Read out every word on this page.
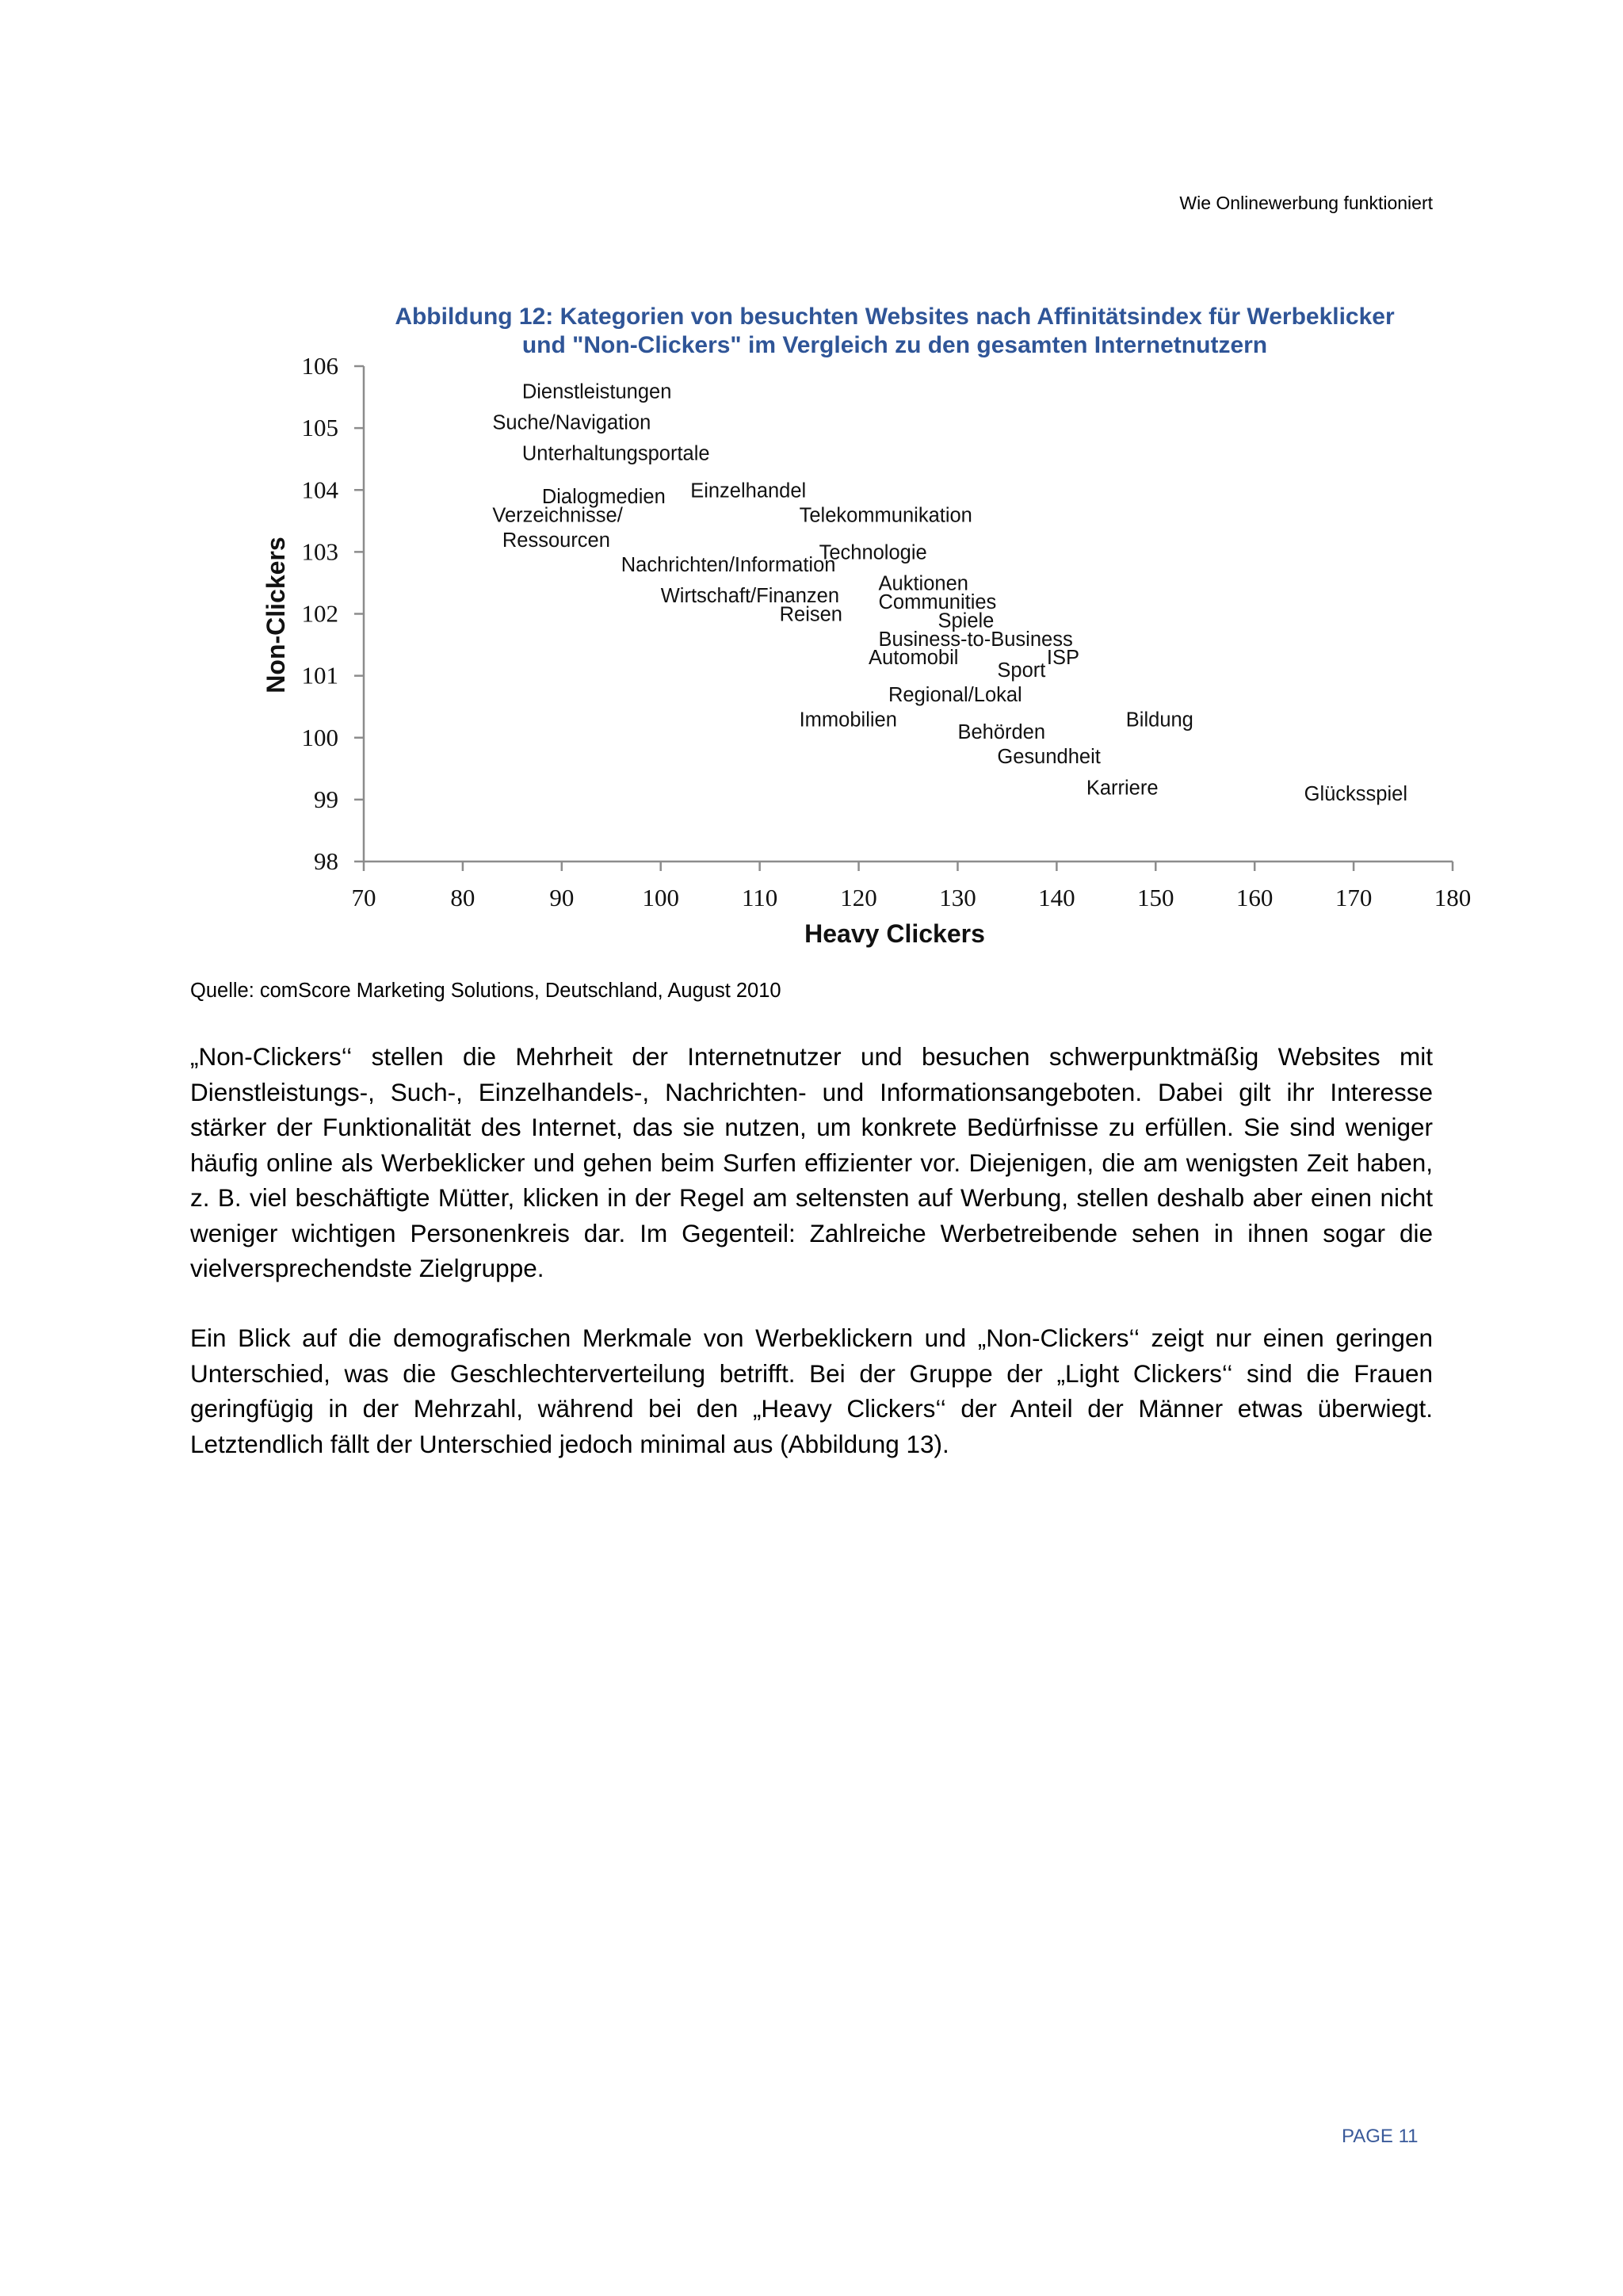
Wie Onlinewerbung funktioniert
Abbildung 12: Kategorien von besuchten Websites nach Affinitätsindex für Werbeklicker
und "Non-Clickers" im Vergleich zu den gesamten Internetnutzern
98
99
100
101
102
103
104
105
106
70	80	90	100	110	120	130	140	150	160	170	180
Dienstleistungen
Suche/Navigation
Unterhaltungsportale
Dialogmedien Einzelhandel
Verzeichnisse/
Ressourcen
Telekommunikation
Technologie
Nachrichten/Information
Auktionen
Wirtschaft/Finanzen Communities
Reisen	Spiele
Business-to-Business
ISP
Automobil
Sport
Regional/Lokal
Immobilien	Bildung
Behörden
Gesundheit
Karriere	Glücksspiel
Heavy Clickers
Non-Clickers
Quelle: comScore Marketing Solutions, Deutschland, August 2010

„Non-Clickers‘‘ stellen die Mehrheit der Internetnutzer und besuchen schwerpunktmäßig Websites mit Dienstleistungs-, Such-, Einzelhandels-, Nachrichten- und Informationsangeboten. Dabei gilt ihr Interesse stärker der Funktionalität des Internet, das sie nutzen, um konkrete Bedürfnisse zu erfüllen. Sie sind weniger häufig online als Werbeklicker und gehen beim Surfen effizienter vor. Diejenigen, die am wenigsten Zeit haben, z. B. viel beschäftigte Mütter, klicken in der Regel am seltensten auf Werbung, stellen deshalb aber einen nicht weniger wichtigen Personenkreis dar. Im Gegenteil: Zahlreiche Werbetreibende sehen in ihnen sogar die vielversprechendste Zielgruppe.

Ein Blick auf die demografischen Merkmale von Werbeklickern und „Non-Clickers‘‘ zeigt nur einen geringen Unterschied, was die Geschlechterverteilung betrifft. Bei der Gruppe der „Light Clickers‘‘ sind die Frauen geringfügig in der Mehrzahl, während bei den „Heavy Clickers‘‘ der Anteil der Männer etwas überwiegt. Letztendlich fällt der Unterschied jedoch minimal aus (Abbildung 13).

PAGE 11
